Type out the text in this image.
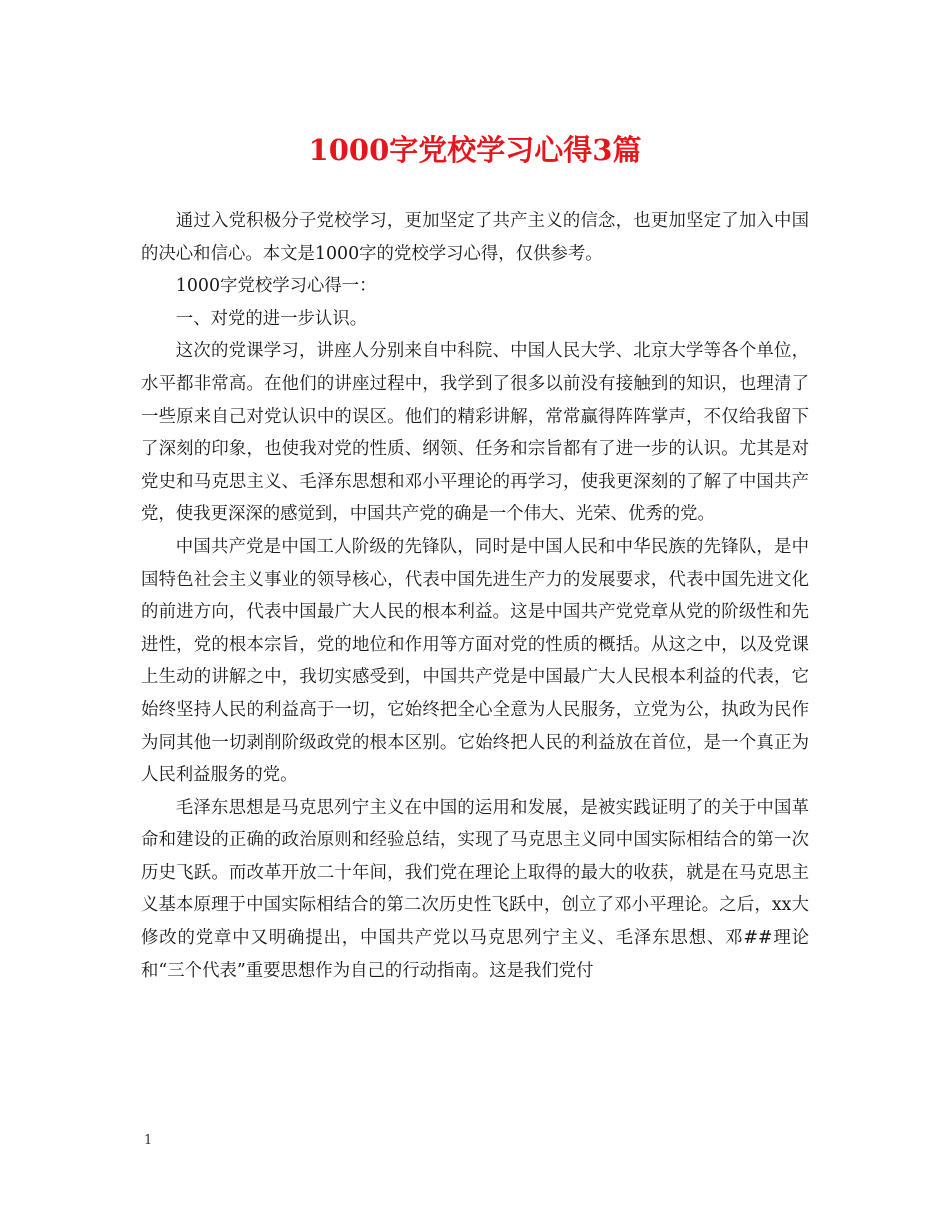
1000字党校学习心得3篇

通过入党积极分子党校学习，更加坚定了共产主义的信念，也更加坚定了加入中国的决心和信心。本文是1000字的党校学习心得，仅供参考。

1000字党校学习心得一：

一、对党的进一步认识。

这次的党课学习，讲座人分别来自中科院、中国人民大学、北京大学等各个单位，水平都非常高。在他们的讲座过程中，我学到了很多以前没有接触到的知识，也理清了一些原来自己对党认识中的误区。他们的精彩讲解，常常赢得阵阵掌声，不仅给我留下了深刻的印象，也使我对党的性质、纲领、任务和宗旨都有了进一步的认识。尤其是对党史和马克思主义、毛泽东思想和邓小平理论的再学习，使我更深刻的了解了中国共产党，使我更深深的感觉到，中国共产党的确是一个伟大、光荣、优秀的党。

中国共产党是中国工人阶级的先锋队，同时是中国人民和中华民族的先锋队，是中国特色社会主义事业的领导核心，代表中国先进生产力的发展要求，代表中国先进文化的前进方向，代表中国最广大人民的根本利益。这是中国共产党党章从党的阶级性和先进性，党的根本宗旨，党的地位和作用等方面对党的性质的概括。从这之中，以及党课上生动的讲解之中，我切实感受到，中国共产党是中国最广大人民根本利益的代表，它始终坚持人民的利益高于一切，它始终把全心全意为人民服务，立党为公，执政为民作为同其他一切剥削阶级政党的根本区别。它始终把人民的利益放在首位，是一个真正为人民利益服务的党。

毛泽东思想是马克思列宁主义在中国的运用和发展，是被实践证明了的关于中国革命和建设的正确的政治原则和经验总结，实现了马克思主义同中国实际相结合的第一次历史飞跃。而改革开放二十年间，我们党在理论上取得的最大的收获，就是在马克思主义基本原理于中国实际相结合的第二次历史性飞跃中，创立了邓小平理论。之后，xx大修改的党章中又明确提出，中国共产党以马克思列宁主义、毛泽东思想、邓##理论和“三个代表”重要思想作为自己的行动指南。这是我们党付

1
